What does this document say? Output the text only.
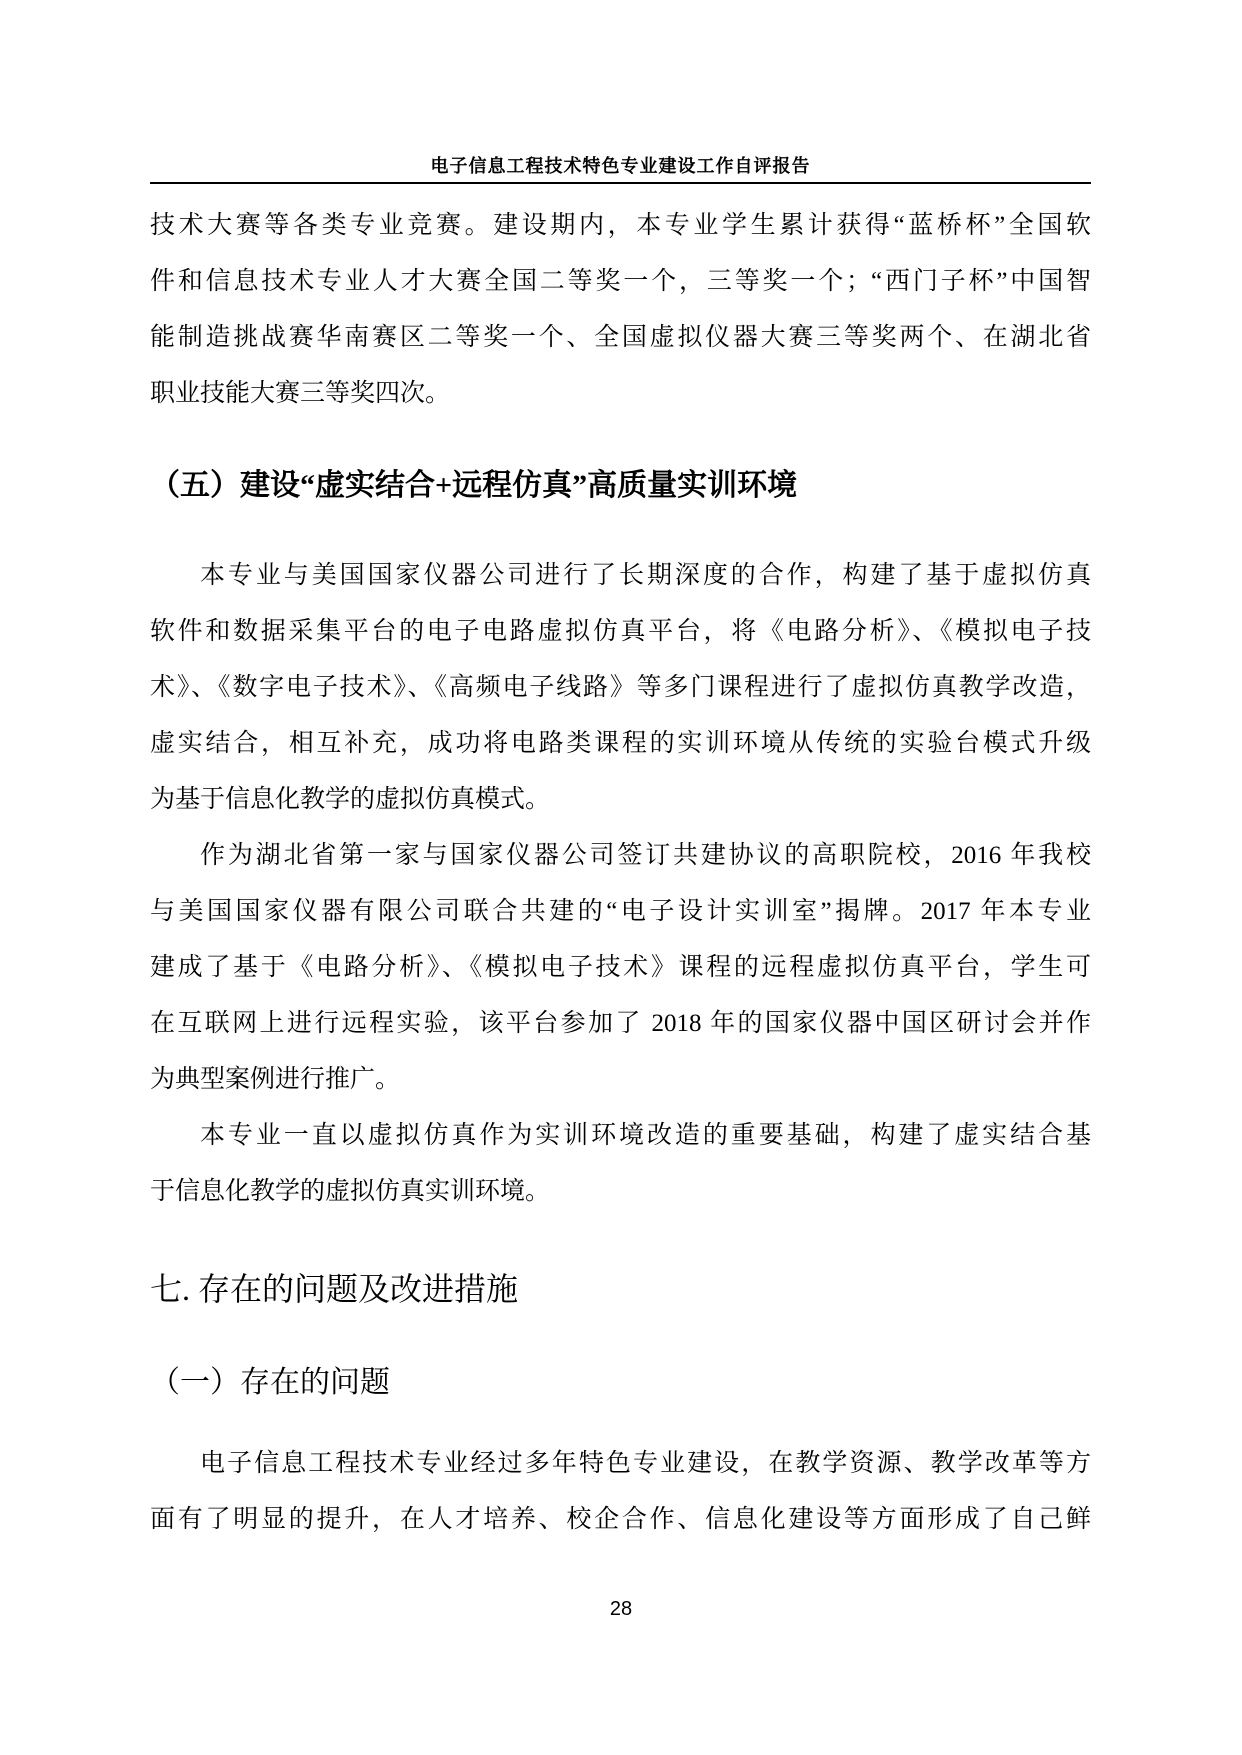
电子信息工程技术特色专业建设工作自评报告
技术大赛等各类专业竞赛。建设期内，本专业学生累计获得“蓝桥杯”全国软
件和信息技术专业人才大赛全国二等奖一个，三等奖一个；“西门子杯”中国智
能制造挑战赛华南赛区二等奖一个、全国虚拟仪器大赛三等奖两个、在湖北省
职业技能大赛三等奖四次。
（五）建设“虚实结合+远程仿真”高质量实训环境
本专业与美国国家仪器公司进行了长期深度的合作，构建了基于虚拟仿真
软件和数据采集平台的电子电路虚拟仿真平台，将《电路分析》、《模拟电子技
术》、《数字电子技术》、《高频电子线路》等多门课程进行了虚拟仿真教学改造，
虚实结合，相互补充，成功将电路类课程的实训环境从传统的实验台模式升级
为基于信息化教学的虚拟仿真模式。
作为湖北省第一家与国家仪器公司签订共建协议的高职院校，2016 年我校
与美国国家仪器有限公司联合共建的“电子设计实训室”揭牌。2017 年本专业
建成了基于《电路分析》、《模拟电子技术》课程的远程虚拟仿真平台，学生可
在互联网上进行远程实验，该平台参加了 2018 年的国家仪器中国区研讨会并作
为典型案例进行推广。
本专业一直以虚拟仿真作为实训环境改造的重要基础，构建了虚实结合基
于信息化教学的虚拟仿真实训环境。
七. 存在的问题及改进措施
（一）存在的问题
电子信息工程技术专业经过多年特色专业建设，在教学资源、教学改革等方
面有了明显的提升，在人才培养、校企合作、信息化建设等方面形成了自己鲜
28
